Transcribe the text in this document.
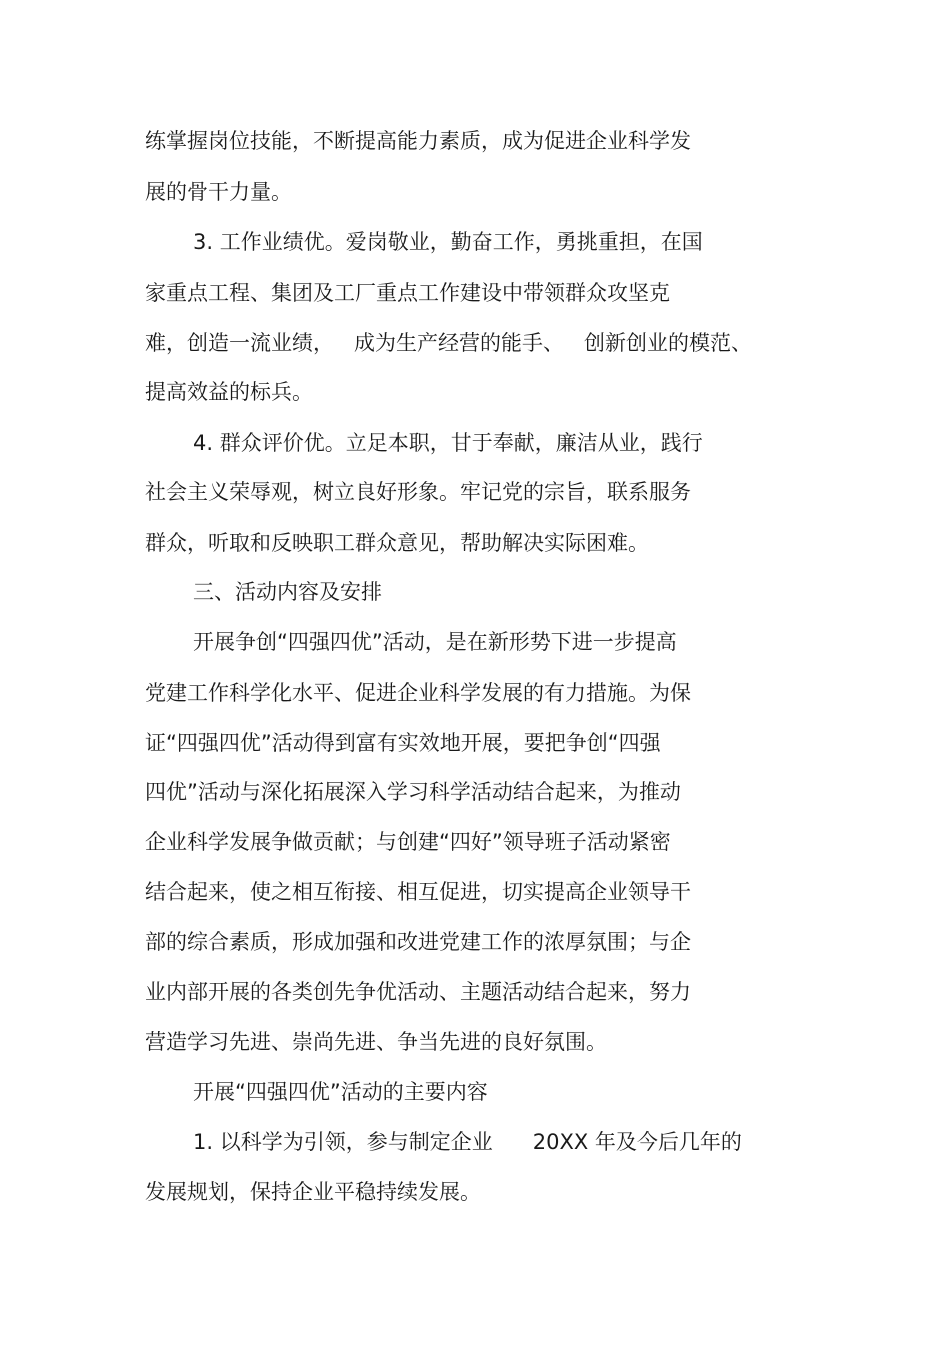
练掌握岗位技能，不断提高能力素质，成为促进企业科学发

展的骨干力量。

3. 工作业绩优。爱岗敬业，勤奋工作，勇挑重担，在国

家重点工程、集团及工厂重点工作建设中带领群众攻坚克

难，创造一流业绩，   成为生产经营的能手、   创新创业的模范、

提高效益的标兵。

4. 群众评价优。立足本职，甘于奉献，廉洁从业，践行

社会主义荣辱观，树立良好形象。牢记党的宗旨，联系服务

群众，听取和反映职工群众意见，帮助解决实际困难。

三、活动内容及安排

开展争创“四强四优”活动，是在新形势下进一步提高

党建工作科学化水平、促进企业科学发展的有力措施。为保

证“四强四优”活动得到富有实效地开展，要把争创“四强

四优”活动与深化拓展深入学习科学活动结合起来，为推动

企业科学发展争做贡献；与创建“四好”领导班子活动紧密

结合起来，使之相互衔接、相互促进，切实提高企业领导干

部的综合素质，形成加强和改进党建工作的浓厚氛围；与企

业内部开展的各类创先争优活动、主题活动结合起来，努力

营造学习先进、崇尚先进、争当先进的良好氛围。

开展“四强四优”活动的主要内容

1. 以科学为引领，参与制定企业      20XX 年及今后几年的

发展规划，保持企业平稳持续发展。
